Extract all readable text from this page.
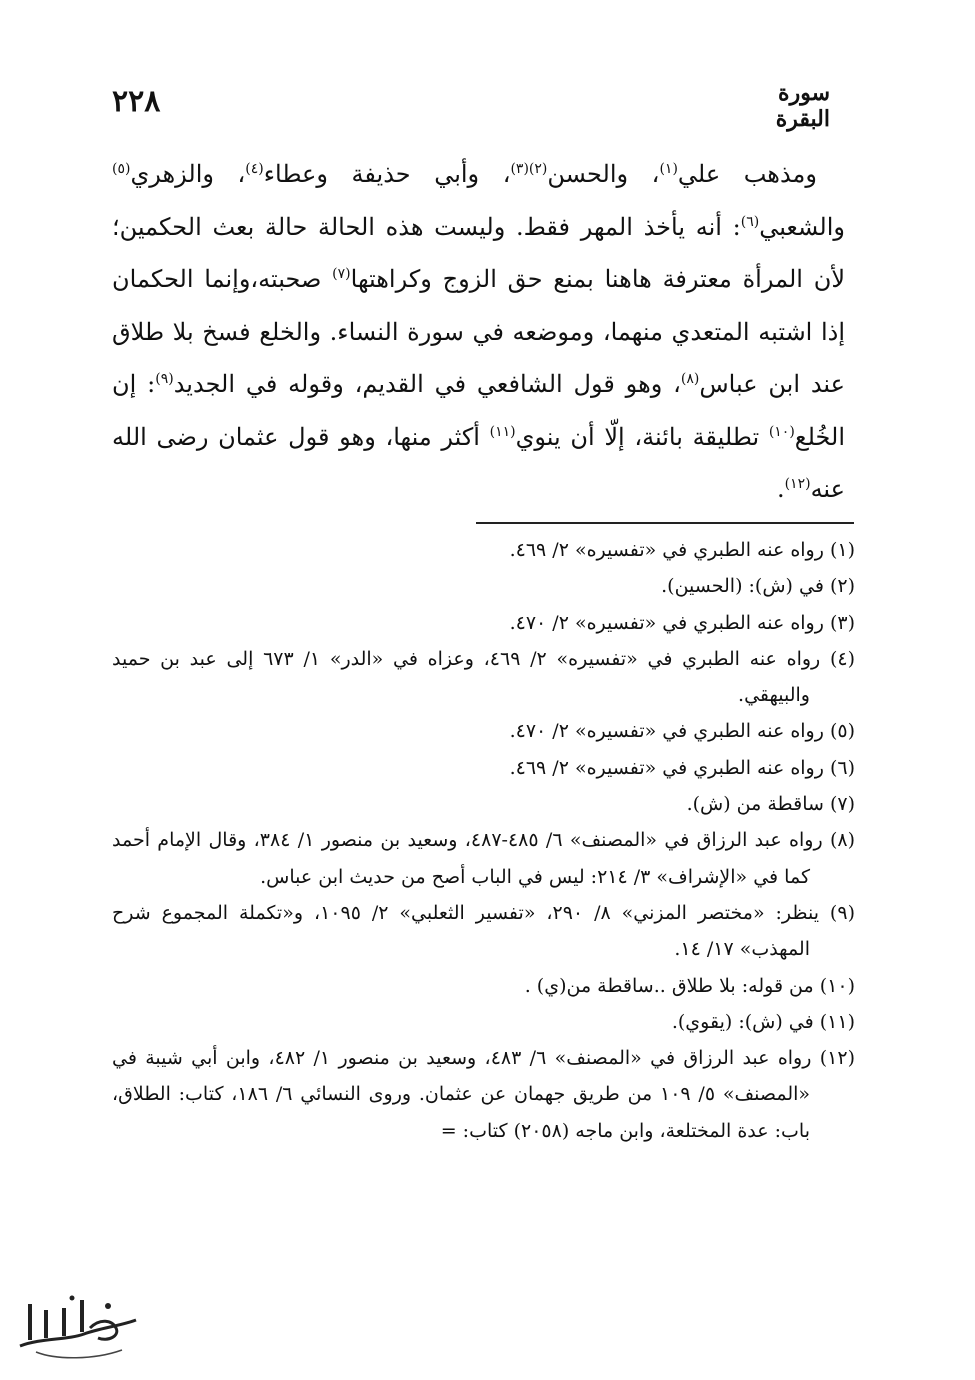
٢٢٨	سورة البقرة

ومذهب علي$^{(١)}$، والحسن$^{(٢)(٣)}$، وأبي حذيفة وعطاء$^{(٤)}$، والزهري$^{(٥)}$ والشعبي$^{(٦)}$: أنه يأخذ المهر فقط. وليست هذه الحالة حالة بعث الحكمين؛ لأن المرأة معترفة هاهنا بمنع حق الزوج وكراهتها$^{(٧)}$ صحبته،وإنما الحكمان إذا اشتبه المتعدي منهما، وموضعه في سورة النساء. والخلع فسخ بلا طلاق عند ابن عباس$^{(٨)}$، وهو قول الشافعي في القديم، وقوله في الجديد$^{(٩)}$: إن الخُلع$^{(١٠)}$ تطليقة بائنة، إلّا أن ينوي$^{(١١)}$ أكثر منها، وهو قول عثمان رضى الله عنه$^{(١٢)}$.

(١) رواه عنه الطبري في «تفسيره» ٢/ ٤٦٩.

(٢) في (ش): (الحسين).

(٣) رواه عنه الطبري في «تفسيره» ٢/ ٤٧٠.

(٤) رواه عنه الطبري في «تفسيره» ٢/ ٤٦٩، وعزاه في «الدر» ١/ ٦٧٣ إلى عبد بن حميد والبيهقي.

(٥) رواه عنه الطبري في «تفسيره» ٢/ ٤٧٠.

(٦) رواه عنه الطبري في «تفسيره» ٢/ ٤٦٩.

(٧) ساقطة من (ش).

(٨) رواه عبد الرزاق في «المصنف» ٦/ ٤٨٥-٤٨٧، وسعيد بن منصور ١/ ٣٨٤، وقال الإمام أحمد كما في «الإشراف» ٣/ ٢١٤: ليس في الباب أصح من حديث ابن عباس.

(٩) ينظر: «مختصر المزني» ٨/ ٢٩٠، «تفسير الثعلبي» ٢/ ١٠٩٥، و«تكملة المجموع شرح المهذب» ١٧/ ١٤.

(١٠) من قوله: بلا طلاق ..ساقطة من(ي) .

(١١) في (ش): (يقوي).

(١٢) رواه عبد الرزاق في «المصنف» ٦/ ٤٨٣، وسعيد بن منصور ١/ ٤٨٢، وابن أبي شيبة في «المصنف» ٥/ ١٠٩ من طريق جهمان عن عثمان. وروى النسائي ٦/ ١٨٦، كتاب: الطلاق، باب: عدة المختلعة، وابن ماجه (٢٠٥٨) كتاب: =
